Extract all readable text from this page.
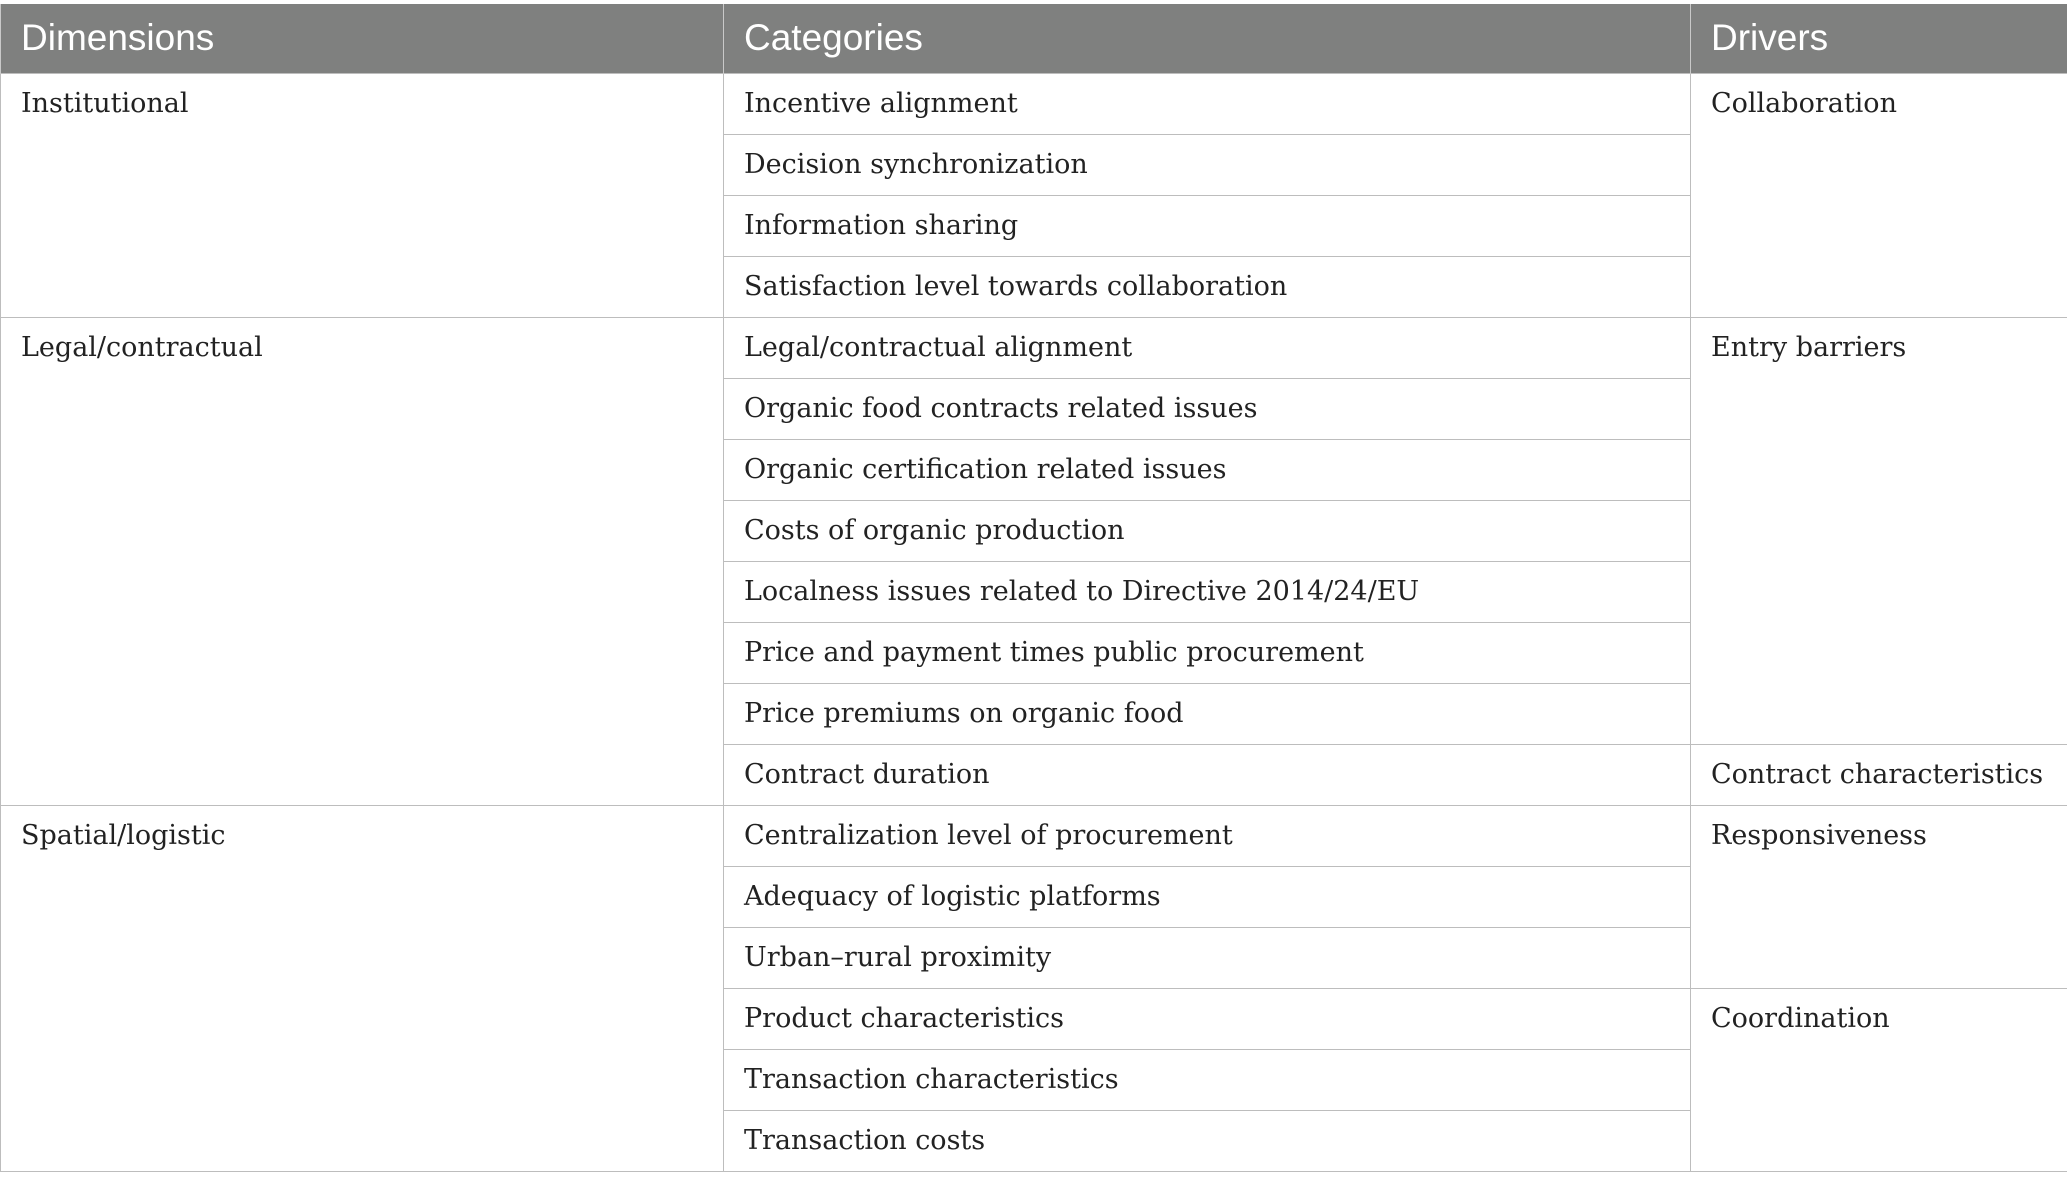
Dimensions	Categories	Drivers
Institutional	Incentive alignment	Collaboration
	Decision synchronization	
	Information sharing	
	Satisfaction level towards collaboration	
Legal/contractual	Legal/contractual alignment	Entry barriers
	Organic food contracts related issues	
	Organic certification related issues	
	Costs of organic production	
	Localness issues related to Directive 2014/24/EU	
	Price and payment times public procurement	
	Price premiums on organic food	
	Contract duration	Contract characteristics
Spatial/logistic	Centralization level of procurement	Responsiveness
	Adequacy of logistic platforms	
	Urban–rural proximity	
	Product characteristics	Coordination
	Transaction characteristics	
	Transaction costs	
